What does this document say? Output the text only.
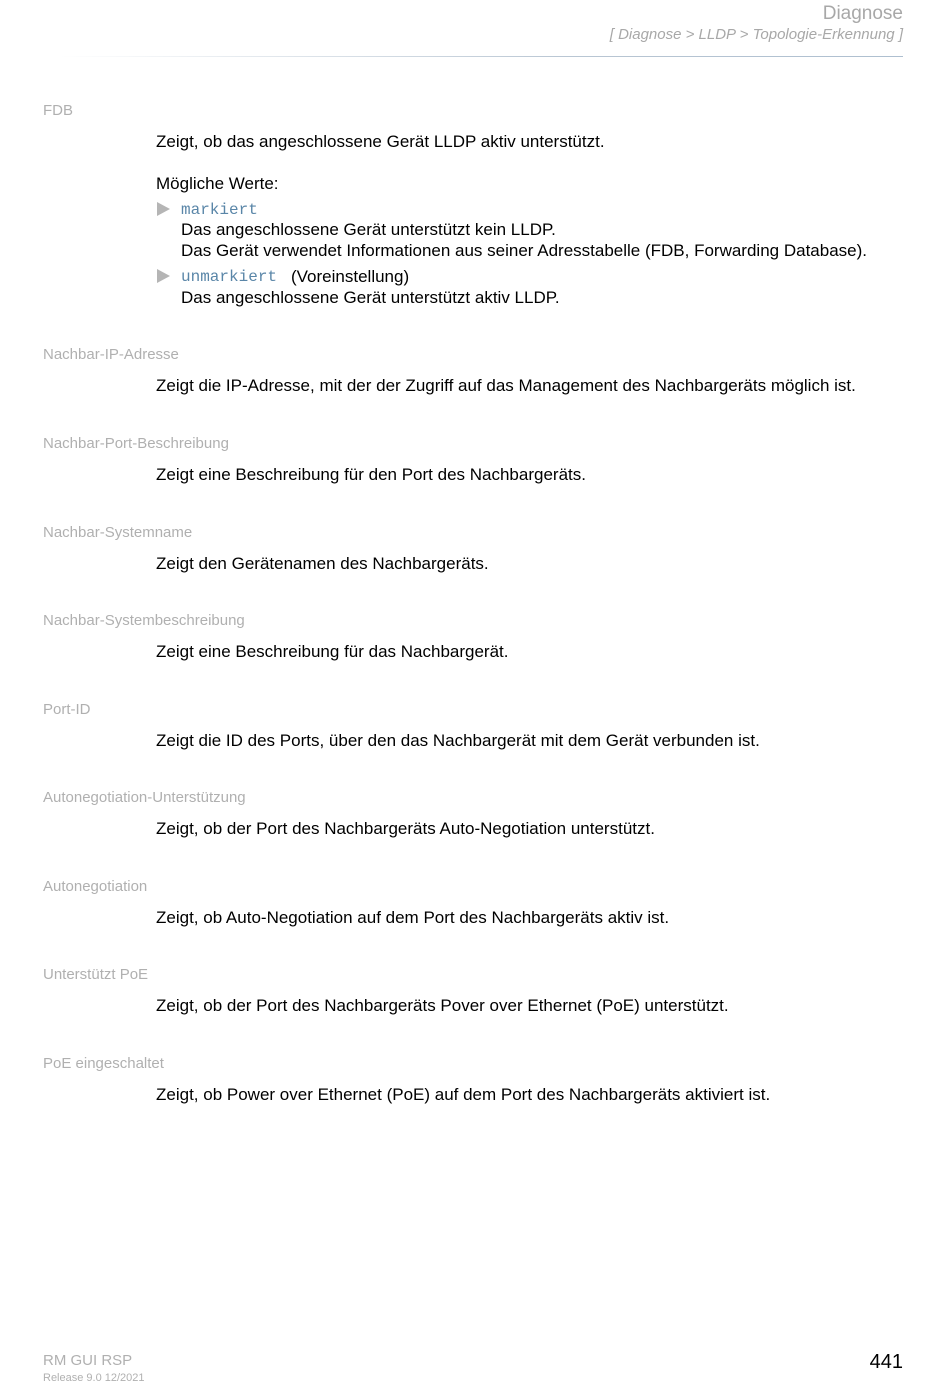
Diagnose
[ Diagnose > LLDP > Topologie-Erkennung ]
FDB
Zeigt, ob das angeschlossene Gerät LLDP aktiv unterstützt.
Mögliche Werte:
markiert
Das angeschlossene Gerät unterstützt kein LLDP.
Das Gerät verwendet Informationen aus seiner Adresstabelle (FDB, Forwarding Database).
unmarkiert (Voreinstellung)
Das angeschlossene Gerät unterstützt aktiv LLDP.
Nachbar-IP-Adresse
Zeigt die IP-Adresse, mit der der Zugriff auf das Management des Nachbargeräts möglich ist.
Nachbar-Port-Beschreibung
Zeigt eine Beschreibung für den Port des Nachbargeräts.
Nachbar-Systemname
Zeigt den Gerätenamen des Nachbargeräts.
Nachbar-Systembeschreibung
Zeigt eine Beschreibung für das Nachbargerät.
Port-ID
Zeigt die ID des Ports, über den das Nachbargerät mit dem Gerät verbunden ist.
Autonegotiation-Unterstützung
Zeigt, ob der Port des Nachbargeräts Auto-Negotiation unterstützt.
Autonegotiation
Zeigt, ob Auto-Negotiation auf dem Port des Nachbargeräts aktiv ist.
Unterstützt PoE
Zeigt, ob der Port des Nachbargeräts Pover over Ethernet (PoE) unterstützt.
PoE eingeschaltet
Zeigt, ob Power over Ethernet (PoE) auf dem Port des Nachbargeräts aktiviert ist.
RM GUI RSP
Release 9.0 12/2021
441
